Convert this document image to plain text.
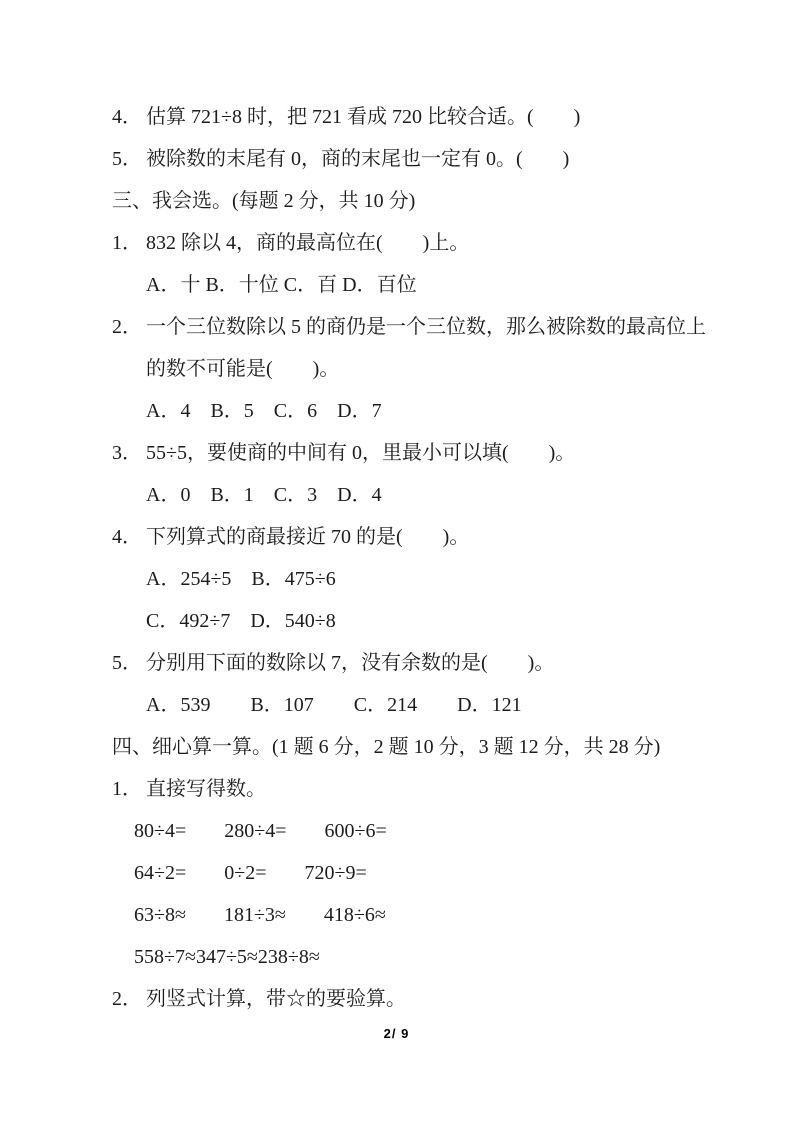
4． 估算 721÷8 时，把 721 看成 720 比较合适。(　　)
5． 被除数的末尾有 0，商的末尾也一定有 0。(　　)
三、我会选。(每题 2 分，共 10 分)
1． 832 除以 4，商的最高位在(　　)上。
A．十 B．十位 C．百 D．百位
2． 一个三位数除以 5 的商仍是一个三位数，那么被除数的最高位上
的数不可能是(　　)。
A．4　B．5　C．6　D．7
3． 55÷5，要使商的中间有 0，里最小可以填(　　)。
A．0　B．1　C．3　D．4
4． 下列算式的商最接近 70 的是(　　)。
A．254÷5　B．475÷6
C．492÷7　D．540÷8
5． 分别用下面的数除以 7，没有余数的是(　　)。
A．539　　B．107　　C．214　　D．121
四、细心算一算。(1 题 6 分，2 题 10 分，3 题 12 分，共 28 分)
1． 直接写得数。
80÷4= 280÷4= 600÷6=
64÷2= 0÷2= 720÷9=
63÷8≈ 181÷3≈ 418÷6≈
558÷7≈347÷5≈238÷8≈
2． 列竖式计算，带☆的要验算。
2/ 9
